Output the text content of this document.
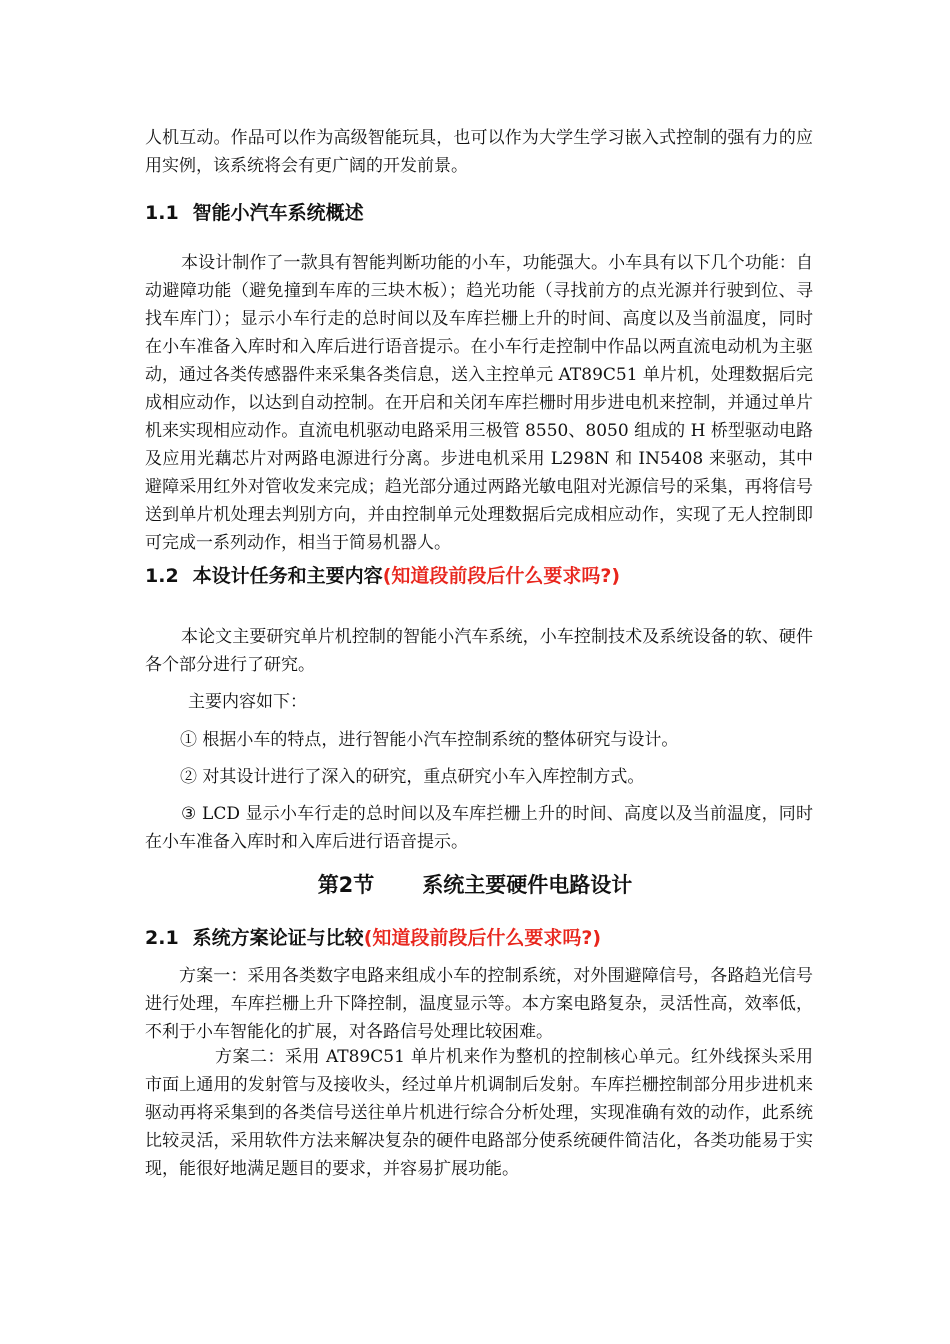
人机互动。作品可以作为高级智能玩具，也可以作为大学生学习嵌入式控制的强有力的应用实例，该系统将会有更广阔的开发前景。

1.1 智能小汽车系统概述

本设计制作了一款具有智能判断功能的小车，功能强大。小车具有以下几个功能：自动避障功能（避免撞到车库的三块木板）；趋光功能（寻找前方的点光源并行驶到位、寻找车库门）；显示小车行走的总时间以及车库拦栅上升的时间、高度以及当前温度，同时在小车准备入库时和入库后进行语音提示。在小车行走控制中作品以两直流电动机为主驱动，通过各类传感器件来采集各类信息，送入主控单元 AT89C51 单片机，处理数据后完成相应动作，以达到自动控制。在开启和关闭车库拦栅时用步进电机来控制，并通过单片机来实现相应动作。直流电机驱动电路采用三极管 8550、8050 组成的 H 桥型驱动电路及应用光藕芯片对两路电源进行分离。步进电机采用 L298N 和 IN5408 来驱动，其中避障采用红外对管收发来完成；趋光部分通过两路光敏电阻对光源信号的采集，再将信号送到单片机处理去判别方向，并由控制单元处理数据后完成相应动作，实现了无人控制即可完成一系列动作，相当于简易机器人。

1.2 本设计任务和主要内容(知道段前段后什么要求吗?)

本论文主要研究单片机控制的智能小汽车系统，小车控制技术及系统设备的软、硬件各个部分进行了研究。

主要内容如下：

① 根据小车的特点，进行智能小汽车控制系统的整体研究与设计。

② 对其设计进行了深入的研究，重点研究小车入库控制方式。

③ LCD 显示小车行走的总时间以及车库拦栅上升的时间、高度以及当前温度，同时在小车准备入库时和入库后进行语音提示。

第2节 系统主要硬件电路设计
2.1 系统方案论证与比较(知道段前段后什么要求吗?)

方案一：采用各类数字电路来组成小车的控制系统，对外围避障信号，各路趋光信号进行处理，车库拦栅上升下降控制，温度显示等。本方案电路复杂，灵活性高，效率低，不利于小车智能化的扩展，对各路信号处理比较困难。

方案二：采用 AT89C51 单片机来作为整机的控制核心单元。红外线探头采用市面上通用的发射管与及接收头，经过单片机调制后发射。车库拦栅控制部分用步进机来驱动再将采集到的各类信号送往单片机进行综合分析处理，实现准确有效的动作，此系统比较灵活，采用软件方法来解决复杂的硬件电路部分使系统硬件简洁化，各类功能易于实现，能很好地满足题目的要求，并容易扩展功能。
